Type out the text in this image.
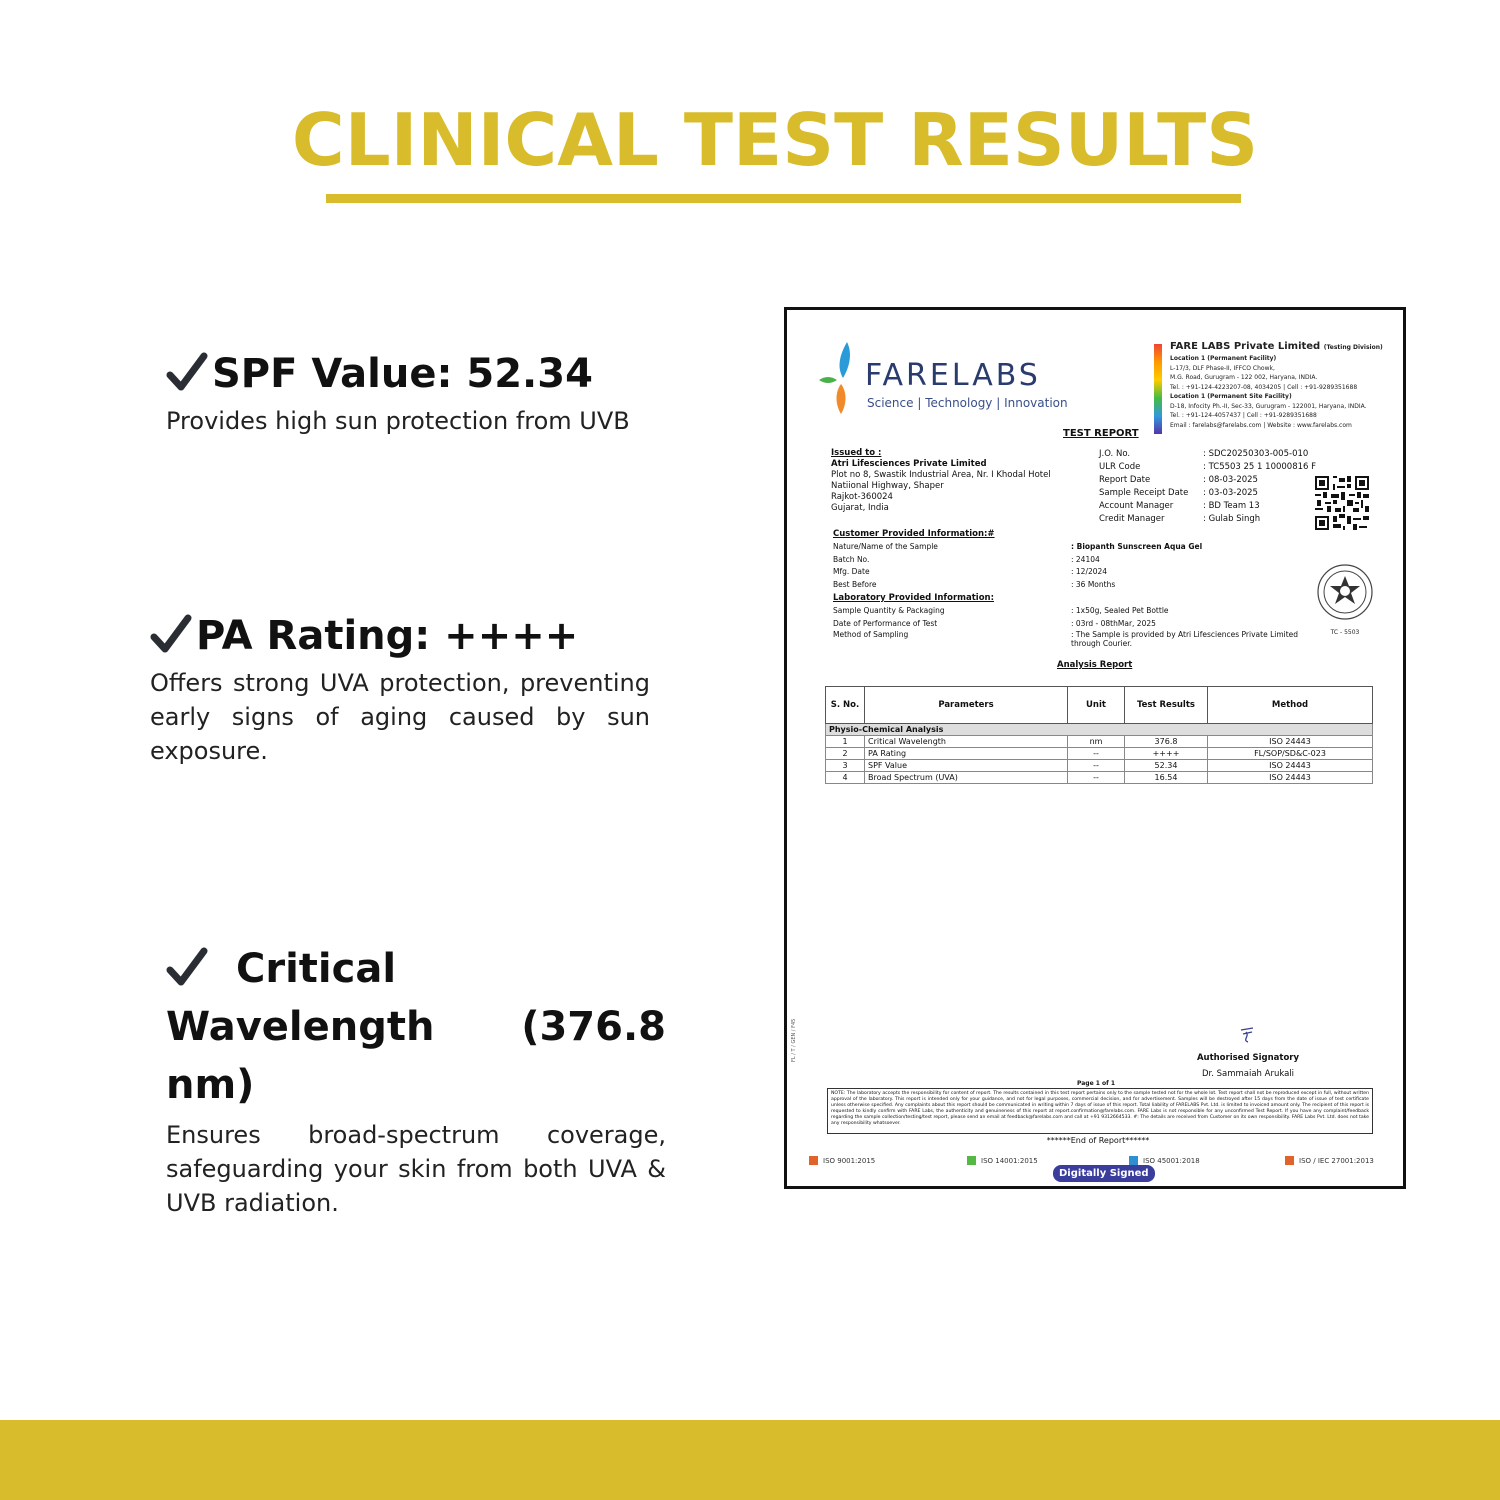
CLINICAL TEST RESULTS
SPF Value: 52.34

Provides high sun protection from UVB

PA Rating: ++++

Offers strong UVA protection, preventing early signs of aging caused by sun exposure.

Critical Wavelength (376.8 nm)

Ensures broad-spectrum coverage, safeguarding your skin from both UVA & UVB radiation.

FARELABS
Science | Technology | Innovation
FARE LABS Private Limited (Testing Division)
Location 1 (Permanent Facility)
L-17/3, DLF Phase-II, IFFCO Chowk,
M.G. Road, Gurugram - 122 002, Haryana, INDIA.
Tel. : +91-124-4223207-08, 4034205 | Cell : +91-9289351688
Location 1 (Permanent Site Facility)
D-18, Infocity Ph.-II, Sec-33, Gurugram - 122001, Haryana, INDIA.
Tel. : +91-124-4057437 | Cell : +91-9289351688
Email : farelabs@farelabs.com | Website : www.farelabs.com
TEST REPORT
Issued to :
Atri Lifesciences Private Limited
Plot no 8, Swastik Industrial Area, Nr. I Khodal Hotel
Natiional Highway, Shaper
Rajkot-360024
Gujarat, India
J.O. No.	: SDC20250303-005-010
ULR Code	: TC5503 25 1 10000816 F
Report Date	: 08-03-2025
Sample Receipt Date	: 03-03-2025
Account Manager	: BD Team 13
Credit Manager	: Gulab Singh
Customer Provided Information:#
Nature/Name of the Sample	: Biopanth Sunscreen Aqua Gel
Batch No.	: 24104
Mfg. Date	: 12/2024
Best Before	: 36 Months
Laboratory Provided Information:
Sample Quantity & Packaging	: 1x50g, Sealed Pet Bottle
Date of Performance of Test	: 03rd - 08thMar, 2025
Method of Sampling	: The Sample is provided by Atri Lifesciences Private Limited through Courier.
TC - 5503
Analysis Report
S. No.	Parameters	Unit	Test Results	Method
Physio-Chemical Analysis				
1	Critical Wavelength	nm	376.8	ISO 24443
2	PA Rating	--	++++	FL/SOP/SD&C-023
3	SPF Value	--	52.34	ISO 24443
4	Broad Spectrum (UVA)	--	16.54	ISO 24443
Authorised Signatory
Dr. Sammaiah Arukali
FL / T / GEN / F45
Page 1 of 1
NOTE: The laboratory accepts the responsibility for content of report. The results contained in this test report pertains only to the sample tested not for the whole lot. Test report shall not be reproduced except in full, without written approval of the laboratory. This report is intended only for your guidance, and not for legal purposes, commercial decision, and for advertisement. Samples will be destroyed after 15 days from the date of issue of test certificate unless otherwise specified. Any complaints about this report should be communicated in writing within 7 days of issue of this report. Total liability of FARELABS Pvt. Ltd. is limited to invoiced amount only. The recipient of this report is requested to kindly confirm with FARE Labs, the authenticity and genuineness of this report at report.confirmation@farelabs.com. FARE Labs is not responsible for any unconfirmed Test Report. If you have any complaint/feedback regarding the sample collection/testing/test report, please send an email at feedback@farelabs.com and call at +91 9312664533. #: The details are received from Customer on its own responsibility. FARE Labs Pvt. Ltd. does not take any responsibility whatsoever.
******End of Report******
ISO 9001:2015	ISO 14001:2015	ISO 45001:2018	ISO / IEC 27001:2013
Digitally Signed
